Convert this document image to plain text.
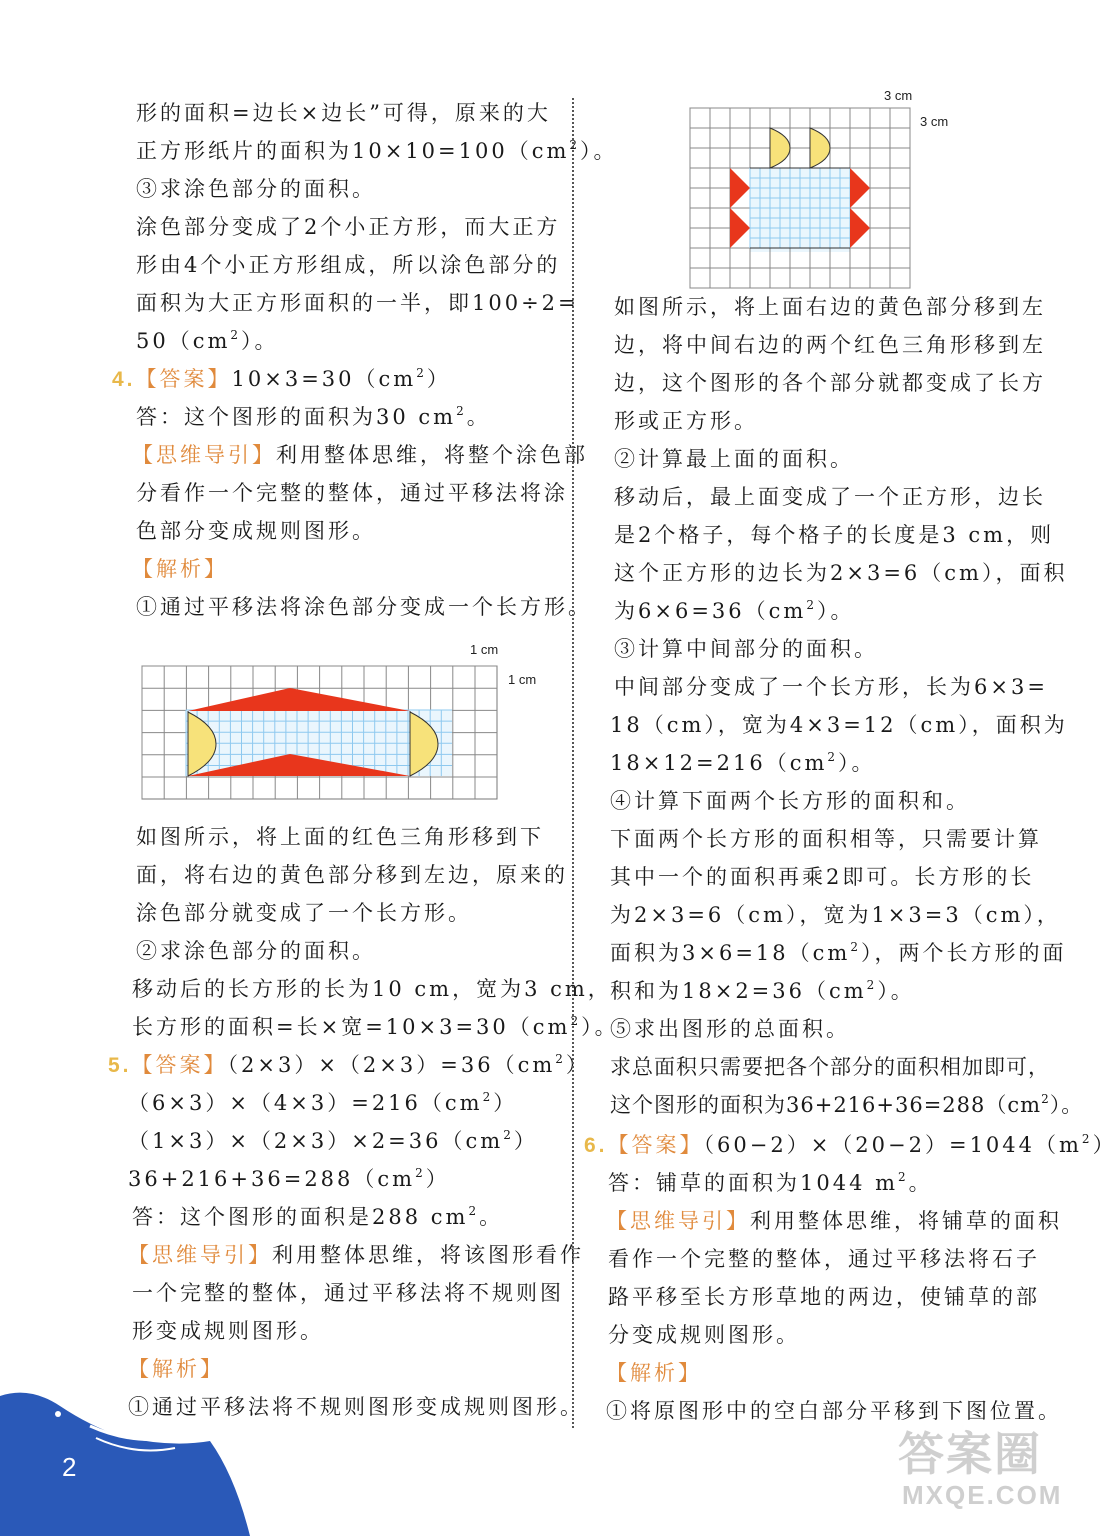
形的面积=边长×边长”可得，原来的大
正方形纸片的面积为$10\times 10=100(cm^2)$。
③求涂色部分的面积。
涂色部分变成了2个小正方形，而大正方
形由4个小正方形组成，所以涂色部分的
面积为大正方形面积的一半，即100÷2=
$50(cm^2)$。
4.【答案】$10\times 3=30(cm^2)$
答：这个图形的面积为30 $cm^2$。
【思维导引】利用整体思维，将整个涂色部
分看作一个完整的整体，通过平移法将涂
色部分变成规则图形。
【解析】
①通过平移法将涂色部分变成一个长方形。
1 cm
1 cm
如图所示，将上面的红色三角形移到下
面，将右边的黄色部分移到左边，原来的
涂色部分就变成了一个长方形。
②求涂色部分的面积。
移动后的长方形的长为10 cm，宽为3 cm，
长方形的面积=长×宽$=10\times 3=30(cm^2)$。
5.【答案】$(2\times 3)\times(2\times 3)=36(cm^2)$
$(6\times 3)\times(4\times 3)=216(cm^2)$
$(1\times 3)\times(2\times 3)\times 2=36(cm^2)$
$36+216+36=288(cm^2)$
答：这个图形的面积是288 $cm^2$。
【思维导引】利用整体思维，将该图形看作
一个完整的整体，通过平移法将不规则图
形变成规则图形。
【解析】
①通过平移法将不规则图形变成规则图形。
3 cm
3 cm
如图所示，将上面右边的黄色部分移到左
边，将中间右边的两个红色三角形移到左
边，这个图形的各个部分就都变成了长方
形或正方形。
②计算最上面的面积。
移动后，最上面变成了一个正方形，边长
是2个格子，每个格子的长度是3 cm，则
这个正方形的边长为2×3=6（cm），面积
为$6\times 6=36(cm^2)$。
③计算中间部分的面积。
中间部分变成了一个长方形，长为6×3=
18（cm），宽为4×3=12（cm），面积为
$18\times 12=216(cm^2)$。
④计算下面两个长方形的面积和。
下面两个长方形的面积相等，只需要计算
其中一个的面积再乘2即可。长方形的长
为2×3=6（cm），宽为1×3=3（cm），
面积为$3\times 6=18(cm^2)$，两个长方形的面
积和为$18\times 2=36(cm^2)$。
⑤求出图形的总面积。
求总面积只需要把各个部分的面积相加即可，
这个图形的面积为$36+216+36=288(cm^2)$。
6.【答案】$(60-2)\times(20-2)=1044(m^2)$
答：铺草的面积为1044 $m^2$。
【思维导引】利用整体思维，将铺草的面积
看作一个完整的整体，通过平移法将石子
路平移至长方形草地的两边，使铺草的部
分变成规则图形。
【解析】
①将原图形中的空白部分平移到下图位置。
2	答案圈
MXQE.COM
